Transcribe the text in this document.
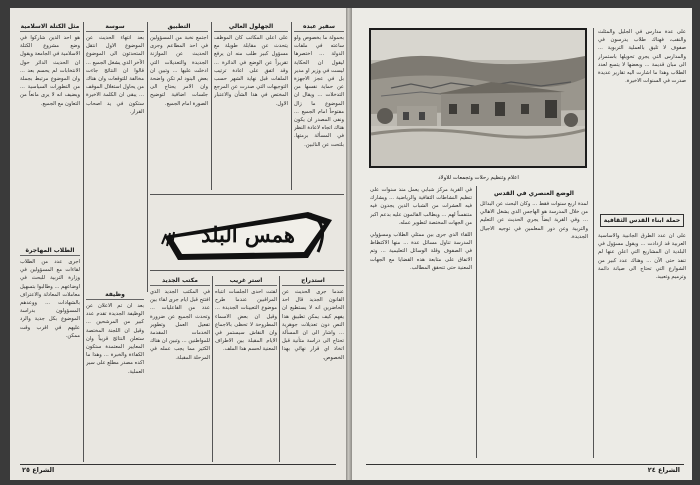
سفير عبده
بحمولة ما بخصوص ولو ساعته في ملفات الدولة ... اختصرها ليقول ان الحكاية ليست في وزير او مدير بل في عجز الاجهزة عن حماية نفسها من التدخلات ... ويقال ان الموضوع ما زال مفتوحاً امام الجميع ... ونفى المصدر ان يكون هناك اتجاه لاعادة النظر في المسألة برمتها. بلتحت عن النائبين.
الجهلول العالي
على اعلى المكاتب كان الموظف يتحدث عن مقابلة طويلة مع مسؤول كبير طلب منه ان يرفع تقريراً عن الوضع في الدائرة ... وقد اتفق على اعادة ترتيب الملفات قبل نهاية الشهر حسب التوجيهات التي صدرت عن المرجع المختص في هذا الشأن والاعتبار الاول.
التطبيق
اجتمع نخبة من المسؤولين في احد المطاعم وجرى الحديث عن الموازنة الجديدة والتعديلات التي ادخلت عليها ... وتبين ان بعض البنود لم تكن واضحة وان الامر يحتاج الى جلسات اضافية لتوضيح الصورة امام الجميع.
سوسة
بعد انتهاء الحديث عن الموضوع الاول انتقل المتحدثون الى الموضوع الآخر الذي يشغل الجميع ... قالوا ان النتائج جاءت مخالفة للتوقعات وان هناك من يحاول استغلال الموقف ... يبقى ان الكلمة الاخيرة ستكون في يد اصحاب القرار.
مثل الكتلة الاسلامية
هو احد الذين شاركوا في وضع مشروع الكتلة الاسلامية في الجامعة ويقول ان الحديث الدائر حول الانتخابات لم يحسم بعد ... وان الموضوع مرتبط بجملة من التطورات السياسية ... ويضيف انه لا يرى مانعاً من التعاون مع الجميع.
همس البلد
استدراج
عندما جرى الحديث عن القانون الجديد قال احد الحاضرين انه لا يستطيع ان يفهم كيف يمكن تطبيق هذا النص دون تعديلات جوهرية ... واشار الى ان المسألة تحتاج الى دراسة متأنية قبل اتخاذ اي قرار نهائي بهذا الخصوص.
استر غريب
لفتت احدى الجلسات انتباه المراقبين عندما طرح موضوع التعيينات الجديدة ... وقيل ان بعض الاسماء المطروحة لا تحظى بالاجماع وان النقاش سيستمر في الايام المقبلة بين الاطراف المعنية لحسم هذا الملف.
مكتب الجديد
في المكتب الجديد الذي افتتح قبل ايام جرى لقاء بين عدد من الفاعليات ... وتحدث الجميع عن ضرورة تفعيل العمل وتطوير الخدمات المقدمة للمواطنين ... وتبين ان هناك الكثير مما يجب عمله في المرحلة المقبلة.
وظيفة
بعد ان تم الاعلان عن الوظيفة الجديدة تقدم عدد كبير من المرشحين ... وقيل ان اللجنة المختصة ستعلن النتائج قريباً وان المعايير المعتمدة ستكون الكفاءة والخبرة ... وهذا ما اكده مصدر مطلع على سير العملية.
الطلاب المهاجرة
اجرى عدد من الطلاب لقاءات مع المسؤولين في وزارة التربية للبحث في اوضاعهم ... وطالبوا بتسهيل معاملات المعادلة والاعتراف بالشهادات ... ووعدهم المسؤولون بدراسة الموضوع بكل جدية والرد عليهم في اقرب وقت ممكن.
الشراع ٢٥
اعلام وتنظيم رحلات وتجمعات للاولاد
على عدة مدارس في الجليل والمثلث والنقب، فهناك طلاب يدرسون في صفوف لا تليق بالعملية التربوية ... والمدارس التي يجري تحويلها باستمرار الى مبان قديمة ... وبعضها لا يتسع لعدد الطلاب وهذا ما اشارت اليه تقارير عديدة صدرت في السنوات الاخيرة.
حملة ابناء القدس الثقافية
الوضع العنصري في القدس
لمدة اربع سنوات فقط ... وكان البحث عن البدائل من خلال المدرسة هو الهاجس الذي يشغل الاهالي ... وفي القرية ايضاً يجري الحديث عن التعليم والتربية وعن دور المعلمين في توجيه الاجيال الجديدة.
في القرية مركز شبابي يعمل منذ سنوات على تنظيم النشاطات الثقافية والرياضية ... ويشارك فيه العشرات من الشباب الذين يجدون فيه متنفساً لهم ... ويطالب القائمون عليه بدعم اكبر من الجهات المختصة لتطوير عمله.
اللقاء الذي جرى بين ممثلي الطلاب ومسؤولي المدرسة تناول مسائل عدة ... منها الاكتظاظ في الصفوف وقلة الوسائل التعليمية ... وتم الاتفاق على متابعة هذه القضايا مع الجهات المعنية حتى تتحقق المطالب.
على ان عدد الطرق الجانبية والاساسية العربية قد ازدادت ... ويقول مسؤول في البلدية ان المشاريع التي اعلن عنها لم تنفذ حتى الآن ... وهناك عدد كبير من الشوارع التي تحتاج الى صيانة دائمة وترميم وتعبيد.
الشراع ٢٤
